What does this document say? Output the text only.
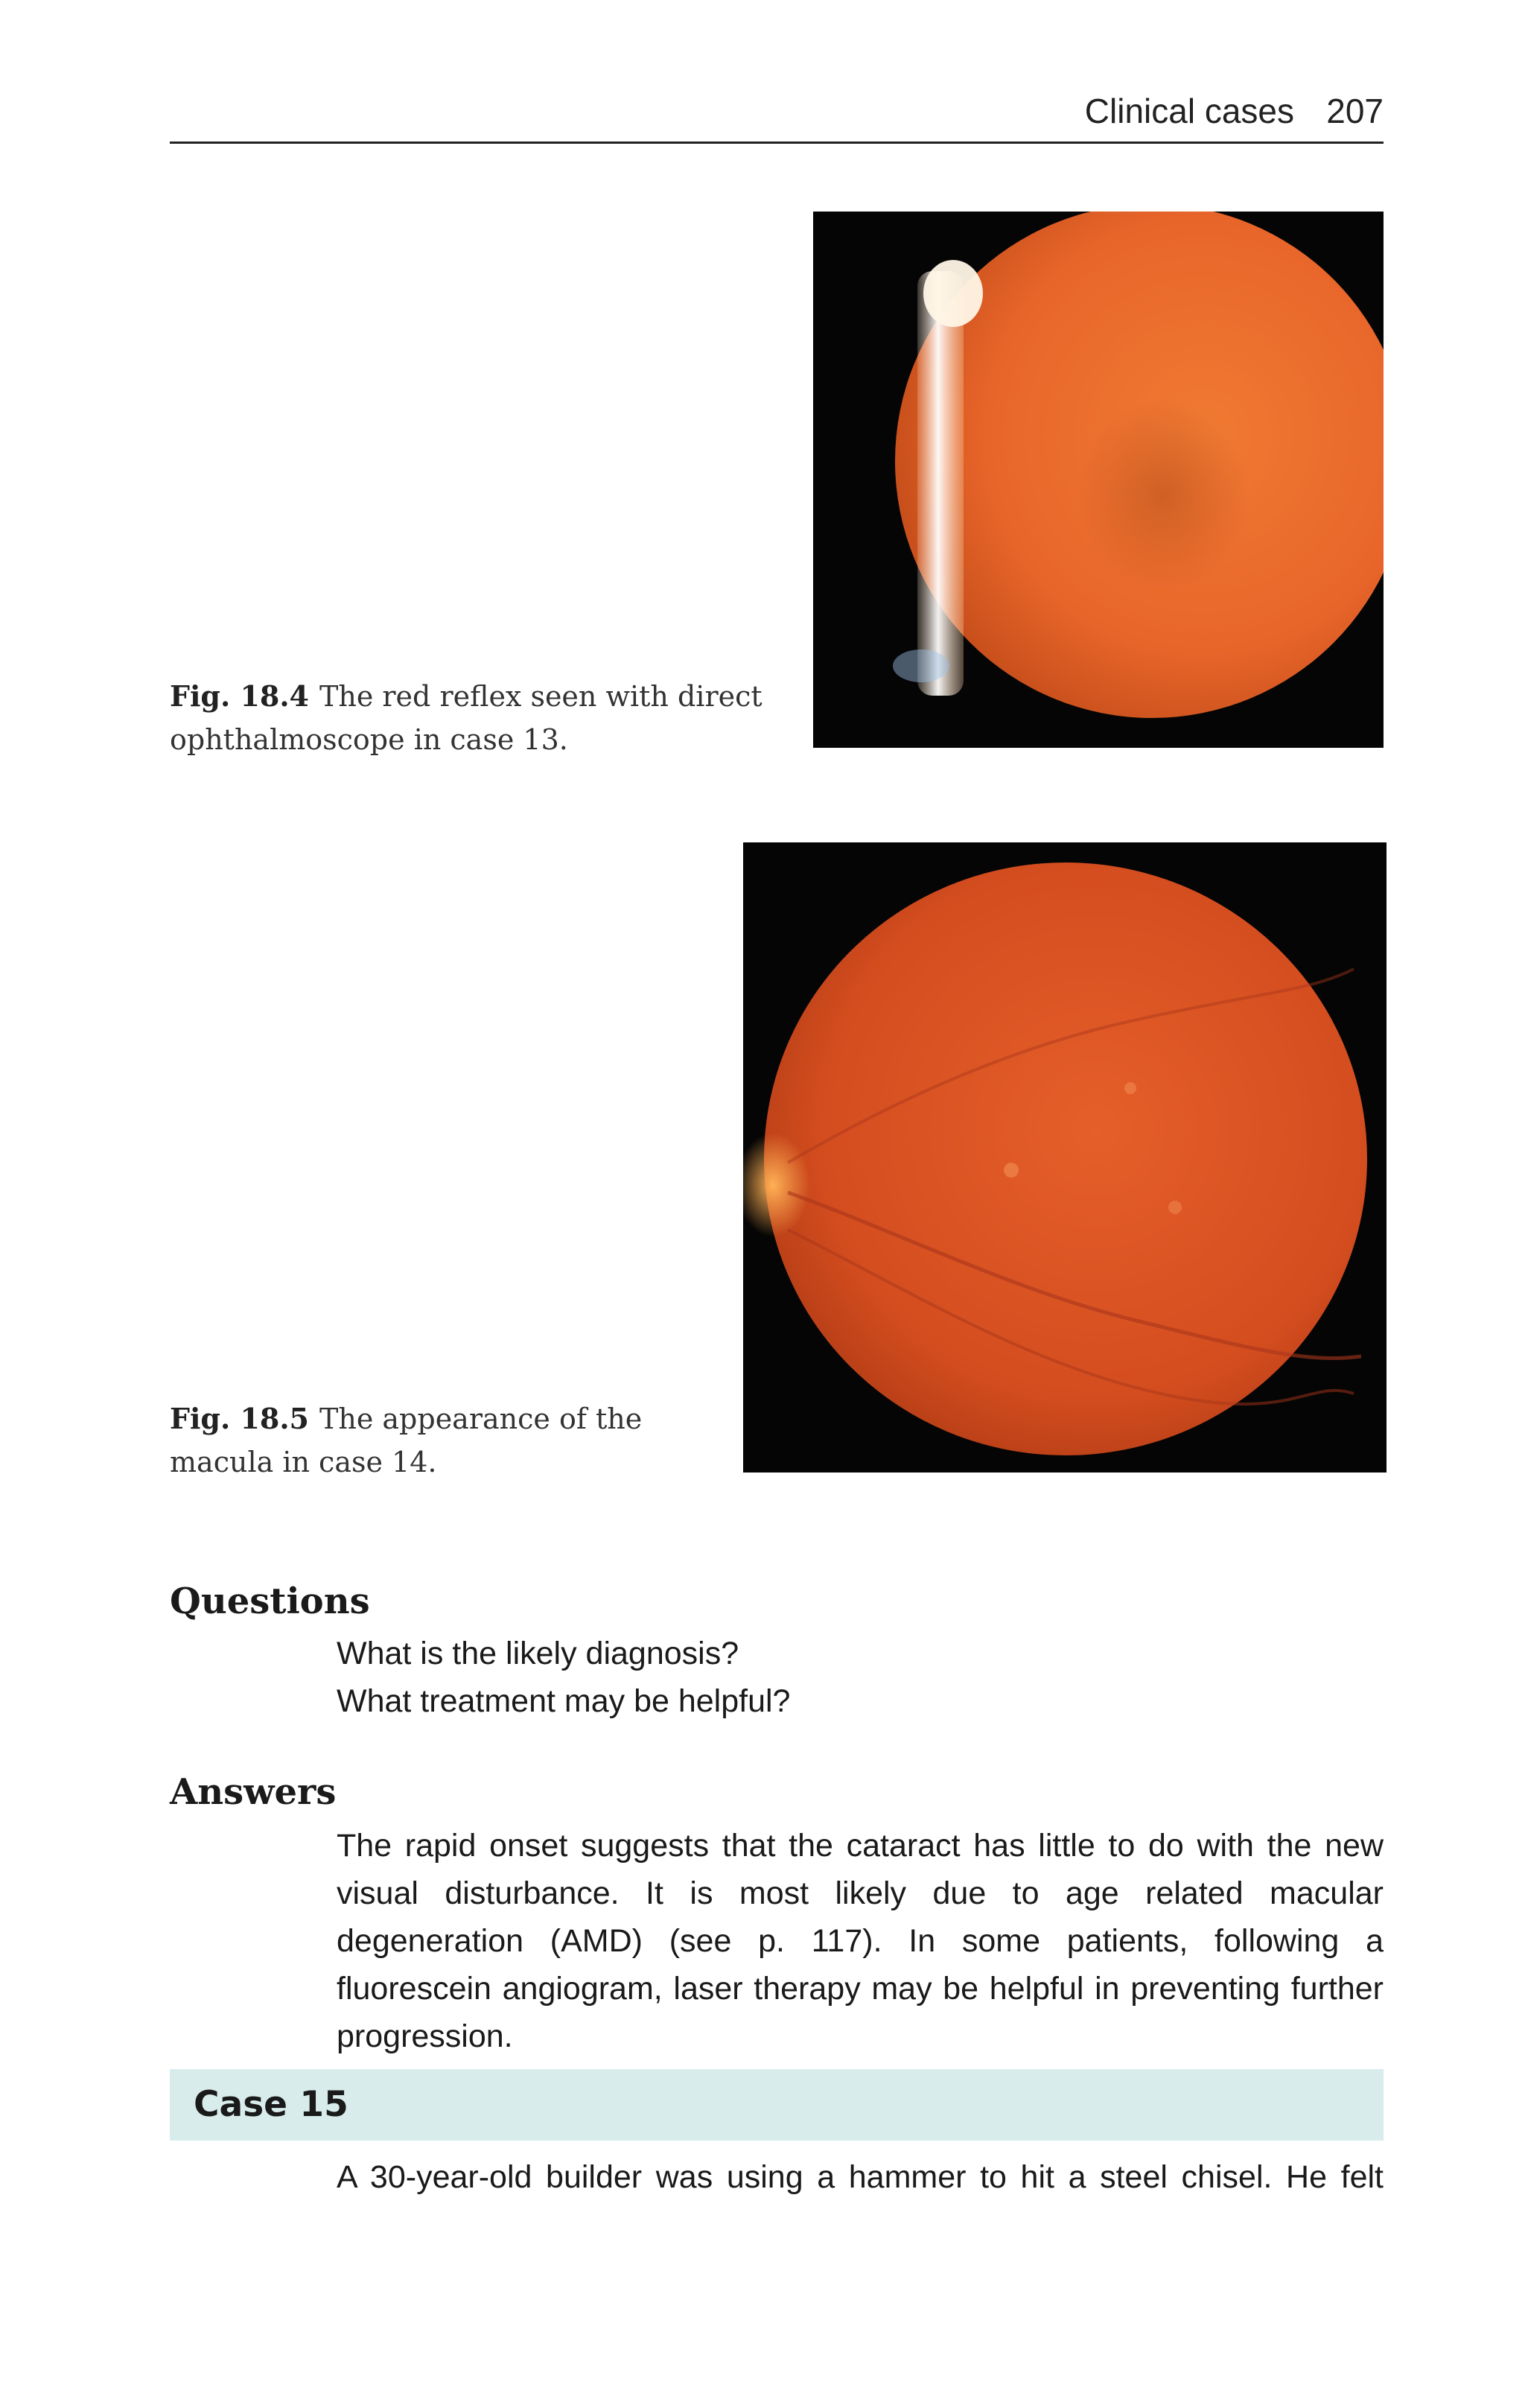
Clinical cases 207
Fig. 18.4 The red reflex seen with direct ophthalmoscope in case 13.
Fig. 18.5 The appearance of the macula in case 14.
Questions
What is the likely diagnosis?
What treatment may be helpful?
Answers
The rapid onset suggests that the cataract has little to do with the new visual disturbance. It is most likely due to age related macular degeneration (AMD) (see p. 117). In some patients, following a fluorescein angiogram, laser therapy may be helpful in preventing further progression.
Case 15
A 30-year-old builder was using a hammer to hit a steel chisel. He felt
